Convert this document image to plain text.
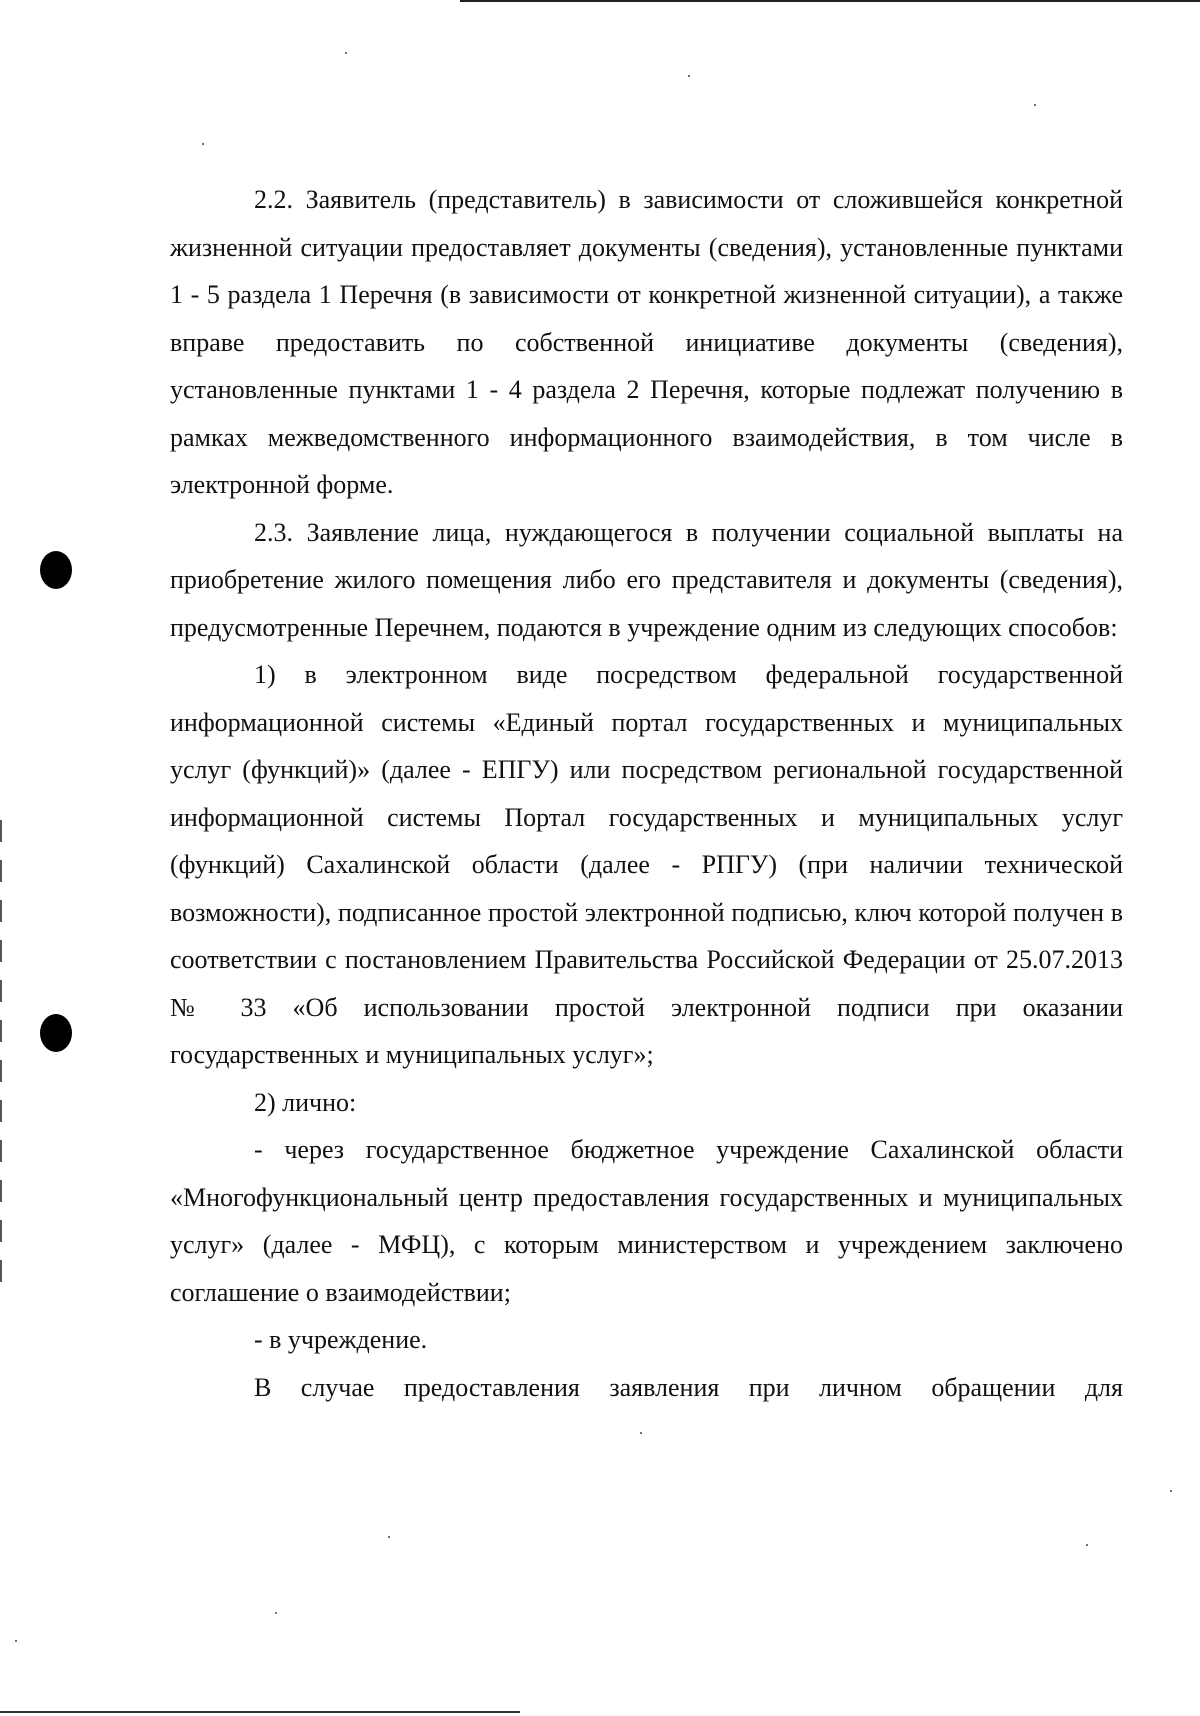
2.2. Заявитель (представитель) в зависимости от сложившейся конкретной жизненной ситуации предоставляет документы (сведения), установленные пунктами 1 - 5 раздела 1 Перечня (в зависимости от конкретной жизненной ситуации), а также вправе предоставить по собственной инициативе документы (сведения), установленные пунктами 1 - 4 раздела 2 Перечня, которые подлежат получению в рамках межведомственного информационного взаимодействия, в том числе в электронной форме.

2.3. Заявление лица, нуждающегося в получении социальной выплаты на приобретение жилого помещения либо его представителя и документы (сведения), предусмотренные Перечнем, подаются в учреждение одним из следующих способов:

1) в электронном виде посредством федеральной государственной информационной системы «Единый портал государственных и муниципальных услуг (функций)» (далее - ЕПГУ) или посредством региональной государственной информационной системы Портал государственных и муниципальных услуг (функций) Сахалинской области (далее - РПГУ) (при наличии технической возможности), подписанное простой электронной подписью, ключ которой получен в соответствии с постановлением Правительства Российской Федерации от 25.07.2013 № 33 «Об использовании простой электронной подписи при оказании государственных и муниципальных услуг»;

2) лично:

- через государственное бюджетное учреждение Сахалинской области «Многофункциональный центр предоставления государственных и муниципальных услуг» (далее - МФЦ), с которым министерством и учреждением заключено соглашение о взаимодействии;

- в учреждение.

В случае предоставления заявления при личном обращении для
